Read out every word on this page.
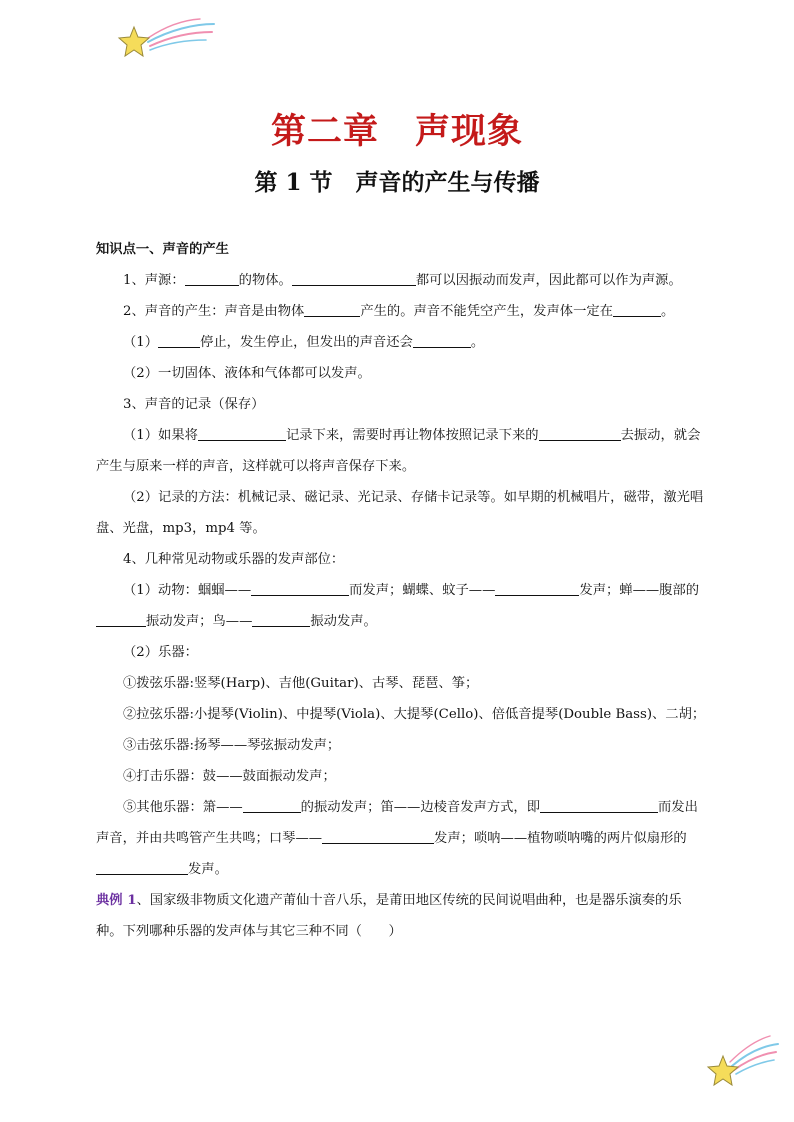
第二章　声现象
第 1 节　声音的产生与传播

知识点一、声音的产生

1、声源：	的物体。	都可以因振动而发声，因此都可以作为声源。

2、声音的产生：声音是由物体	产生的。声音不能凭空产生，发声体一定在	。

（1）	停止，发生停止，但发出的声音还会	。

（2）一切固体、液体和气体都可以发声。

3、声音的记录（保存）

（1）如果将	记录下来，需要时再让物体按照记录下来的	去振动，就会产生与原来一样的声音，这样就可以将声音保存下来。

（2）记录的方法：机械记录、磁记录、光记录、存储卡记录等。如早期的机械唱片，磁带，激光唱盘、光盘，mp3，mp4 等。

4、几种常见动物或乐器的发声部位：

（1）动物：蝈蝈——	而发声；蝴蝶、蚊子——	发声；蝉——腹部的振动发声；鸟——	振动发声。

（2）乐器：

①拨弦乐器:竖琴(Harp)、吉他(Guitar)、古琴、琵琶、筝；

②拉弦乐器:小提琴(Violin)、中提琴(Viola)、大提琴(Cello)、倍低音提琴(Double Bass)、二胡；

③击弦乐器:扬琴——琴弦振动发声；

④打击乐器：鼓——鼓面振动发声；

⑤其他乐器：箫——	的振动发声；笛——边棱音发声方式，即	而发出声音，并由共鸣管产生共鸣；口琴——	发声；唢呐——植物唢呐嘴的两片似扇形的发声。

典例 1、国家级非物质文化遗产莆仙十音八乐，是莆田地区传统的民间说唱曲种，也是器乐演奏的乐种。下列哪种乐器的发声体与其它三种不同（　　）
